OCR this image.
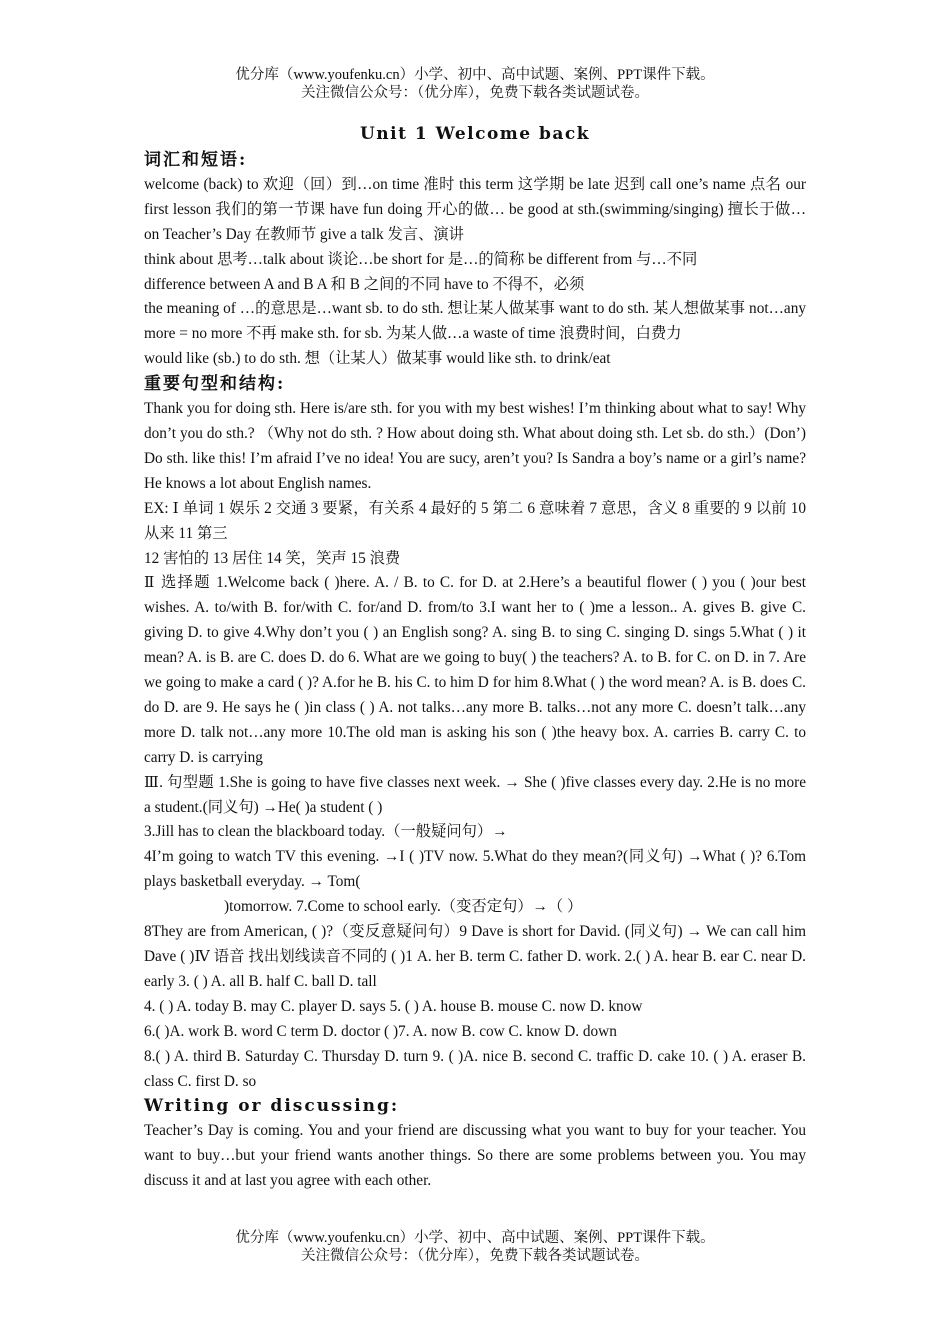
优分库（www.youfenku.cn）小学、初中、高中试题、案例、PPT课件下载。
关注微信公众号：（优分库），免费下载各类试题试卷。
Unit 1 Welcome back
词汇和短语:
welcome (back) to 欢迎（回）到…on time 准时 this term 这学期 be late 迟到 call one’s name 点名 our first lesson 我们的第一节课 have fun doing 开心的做… be good at sth.(swimming/singing) 擅长于做…on Teacher’s Day 在教师节 give a talk 发言、演讲
think about 思考…talk about 谈论…be short for 是…的简称 be different from 与…不同
difference between A and B A 和 B 之间的不同 have to 不得不，必须
the meaning of …的意思是…want sb. to do sth. 想让某人做某事 want to do sth. 某人想做某事 not…any more = no more 不再 make sth. for sb. 为某人做…a waste of time 浪费时间，白费力
would like (sb.) to do sth. 想（让某人）做某事 would like sth. to drink/eat
重要句型和结构:
Thank you for doing sth. Here is/are sth. for you with my best wishes! I’m thinking about what to say! Why don’t you do sth.? （Why not do sth. ? How about doing sth. What about doing sth. Let sb. do sth.）(Don’) Do sth. like this! I’m afraid I’ve no idea! You are sucy, aren’t you? Is Sandra a boy’s name or a girl’s name? He knows a lot about English names.
EX: Ⅰ 单词 1 娱乐 2 交通 3 要紧，有关系 4 最好的 5 第二 6 意味着 7 意思，含义 8 重要的 9 以前 10 从来 11 第三
12 害怕的 13 居住 14 笑，笑声 15 浪费
Ⅱ 选择题 1.Welcome back ( )here. A. / B. to C. for D. at 2.Here’s a beautiful flower ( ) you ( )our best wishes. A. to/with B. for/with C. for/and D. from/to 3.I want her to ( )me a lesson.. A. gives B. give C. giving D. to give 4.Why don’t you ( ) an English song? A. sing B. to sing C. singing D. sings 5.What ( ) it mean? A. is B. are C. does D. do 6. What are we going to buy( ) the teachers? A. to B. for C. on D. in 7. Are we going to make a card ( )? A.for he B. his C. to him D for him 8.What ( ) the word mean? A. is B. does C. do D. are 9. He says he ( )in class ( ) A. not talks…any more B. talks…not any more C. doesn’t talk…any more D. talk not…any more 10.The old man is asking his son ( )the heavy box. A. carries B. carry C. to carry D. is carrying
Ⅲ. 句型题 1.She is going to have five classes next week. → She ( )five classes every day. 2.He is no more a student.(同义句) →He( )a student ( )
3.Jill has to clean the blackboard today.（一般疑问句）→
4I’m going to watch TV this evening. →I ( )TV now. 5.What do they mean?(同义句) →What ( )? 6.Tom plays basketball everyday. → Tom(
)tomorrow. 7.Come to school early.（变否定句）→（ ）
8They are from American, ( )?（变反意疑问句）9 Dave is short for David. (同义句) → We can call him Dave ( )Ⅳ 语音 找出划线读音不同的 ( )1 A. her B. term C. father D. work. 2.( ) A. hear B. ear C. near D. early 3. ( ) A. all B. half C. ball D. tall
4. ( ) A. today B. may C. player D. says 5. ( ) A. house B. mouse C. now D. know
6.( )A. work B. word C term D. doctor ( )7. A. now B. cow C. know D. down
8.( ) A. third B. Saturday C. Thursday D. turn 9. ( )A. nice B. second C. traffic D. cake 10. ( ) A. eraser B. class C. first D. so
Writing or discussing:
Teacher’s Day is coming. You and your friend are discussing what you want to buy for your teacher. You want to buy…but your friend wants another things. So there are some problems between you. You may discuss it and at last you agree with each other.
优分库（www.youfenku.cn）小学、初中、高中试题、案例、PPT课件下载。
关注微信公众号：（优分库），免费下载各类试题试卷。
